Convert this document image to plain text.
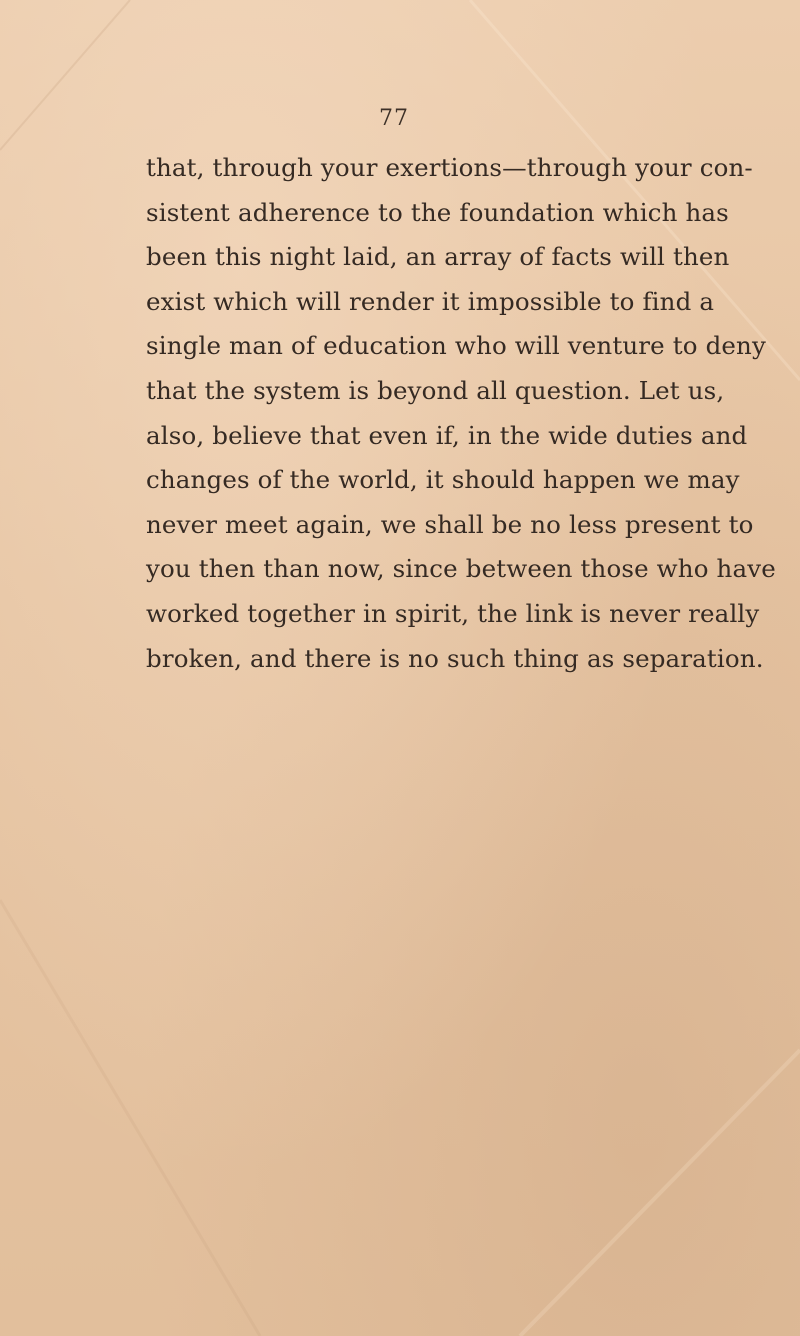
77
that, through your exertions—through your con-
sistent adherence to the foundation which has
been this night laid, an array of facts will then
exist which will render it impossible to find a
single man of education who will venture to deny
that the system is beyond all question. Let us,
also, believe that even if, in the wide duties and
changes of the world, it should happen we may
never meet again, we shall be no less present to
you then than now, since between those who have
worked together in spirit, the link is never really
broken, and there is no such thing as separation.
